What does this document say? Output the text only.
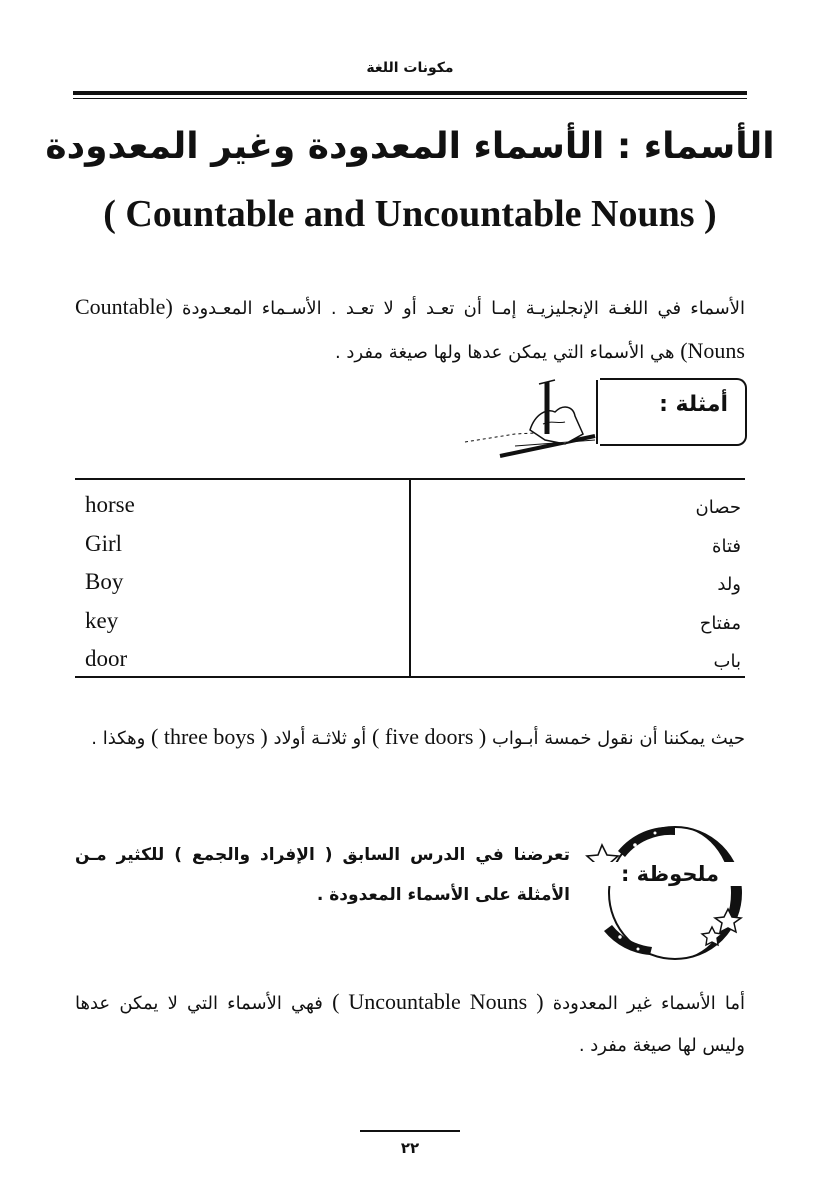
مكونات اللغة
الأسماء : الأسماء المعدودة وغير المعدودة
( Countable and Uncountable Nouns )
الأسماء في اللغـة الإنجليزيـة إمـا أن تعـد أو لا تعـد . الأسـماء المعـدودة (Countable Nouns) هي الأسماء التي يمكن عدها ولها صيغة مفرد .
أمثلة :
horse
Girl
Boy
key
door
حصان
فتاة
ولد
مفتاح
باب
حيث يمكننا أن نقول خمسة أبـواب ( five doors ) أو ثلاثـة أولاد ( three boys ) وهكذا .
ملحوظة :
تعرضنا في الدرس السابق ( الإفراد والجمع ) للكثير مـن الأمثلة على الأسماء المعدودة .
أما الأسماء غير المعدودة ( Uncountable Nouns ) فهي الأسماء التي لا يمكن عدها وليس لها صيغة مفرد .
٢٢
